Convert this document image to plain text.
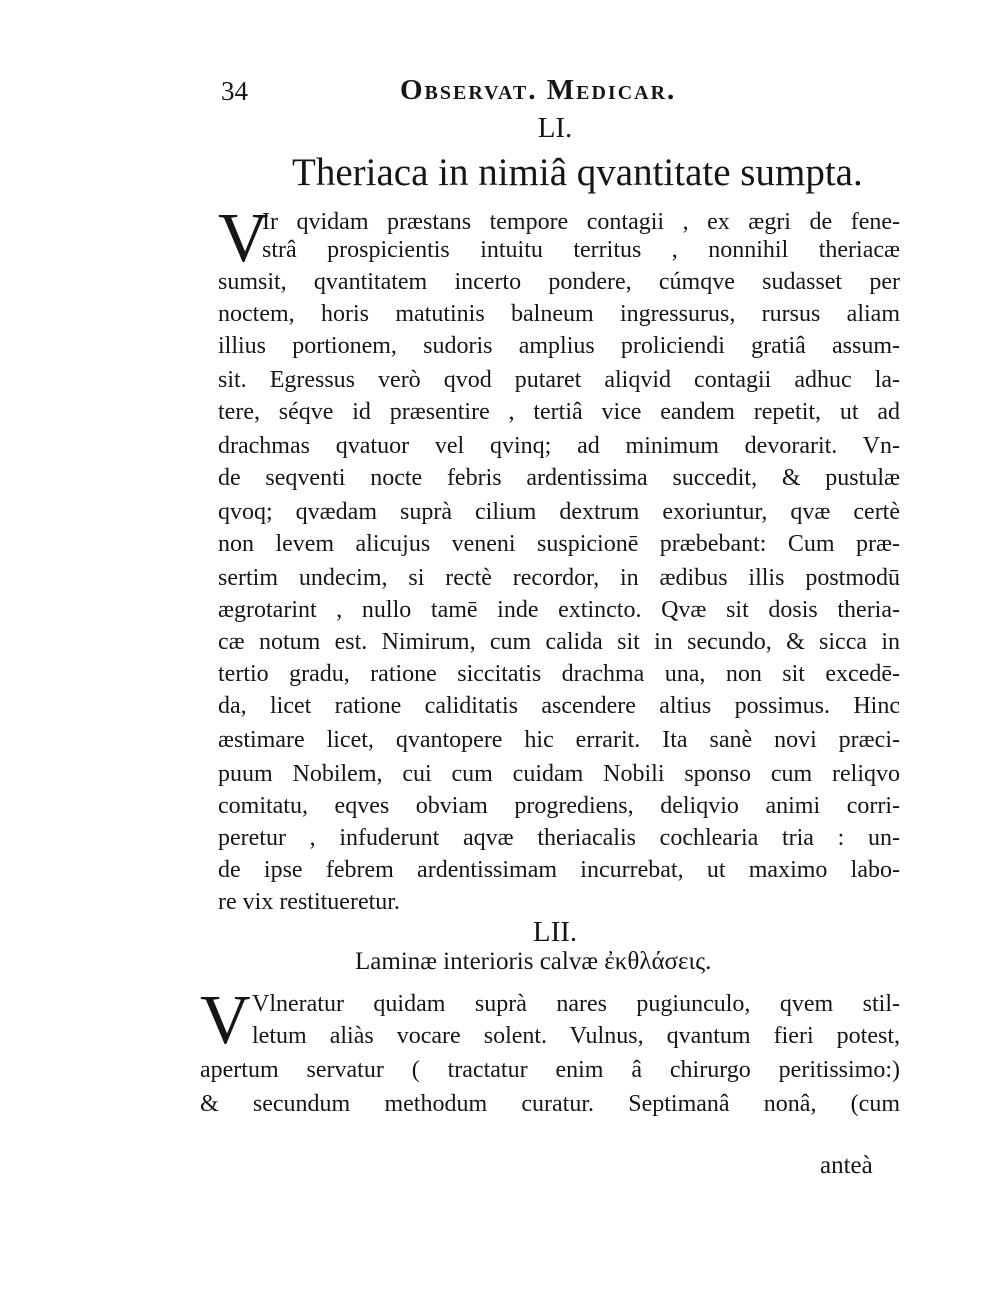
34	Observat. Medicar.
LI.
Theriaca in nimiâ qvantitate sumpta.
V
Ir qvidam præstans tempore contagii , ex ægri de fene-
strâ prospicientis intuitu territus , nonnihil theriacæ
sumsit, qvantitatem incerto pondere, cúmqve sudasset per
noctem, horis matutinis balneum ingressurus, rursus aliam
illius portionem, sudoris amplius proliciendi gratiâ assum-
sit. Egressus verò qvod putaret aliqvid contagii adhuc la-
tere, séqve id præsentire , tertiâ vice eandem repetit, ut ad
drachmas qvatuor vel qvinq; ad minimum devorarit. Vn-
de seqventi nocte febris ardentissima succedit, & pustulæ
qvoq; qvædam suprà cilium dextrum exoriuntur, qvæ certè
non levem alicujus veneni suspicionē præbebant: Cum præ-
sertim undecim, si rectè recordor, in ædibus illis postmodū
ægrotarint , nullo tamē inde extincto. Qvæ sit dosis theria-
cæ notum est. Nimirum, cum calida sit in secundo, & sicca in
tertio gradu, ratione siccitatis drachma una, non sit excedē-
da, licet ratione caliditatis ascendere altius possimus. Hinc
æstimare licet, qvantopere hic errarit. Ita sanè novi præci-
puum Nobilem, cui cum cuidam Nobili sponso cum reliqvo
comitatu, eqves obviam progrediens, deliqvio animi corri-
peretur , infuderunt aqvæ theriacalis cochlearia tria : un-
de ipse febrem ardentissimam incurrebat, ut maximo labo-
re vix restitueretur.
LII.
Laminæ interioris calvæ ἐκθλάσεις.
V Vlneratur quidam suprà nares pugiunculo, qvem stil-
letum aliàs vocare solent. Vulnus, qvantum fieri potest,
apertum servatur ( tractatur enim â chirurgo peritissimo:)
& secundum methodum curatur. Septimanâ nonâ, (cum
anteà
